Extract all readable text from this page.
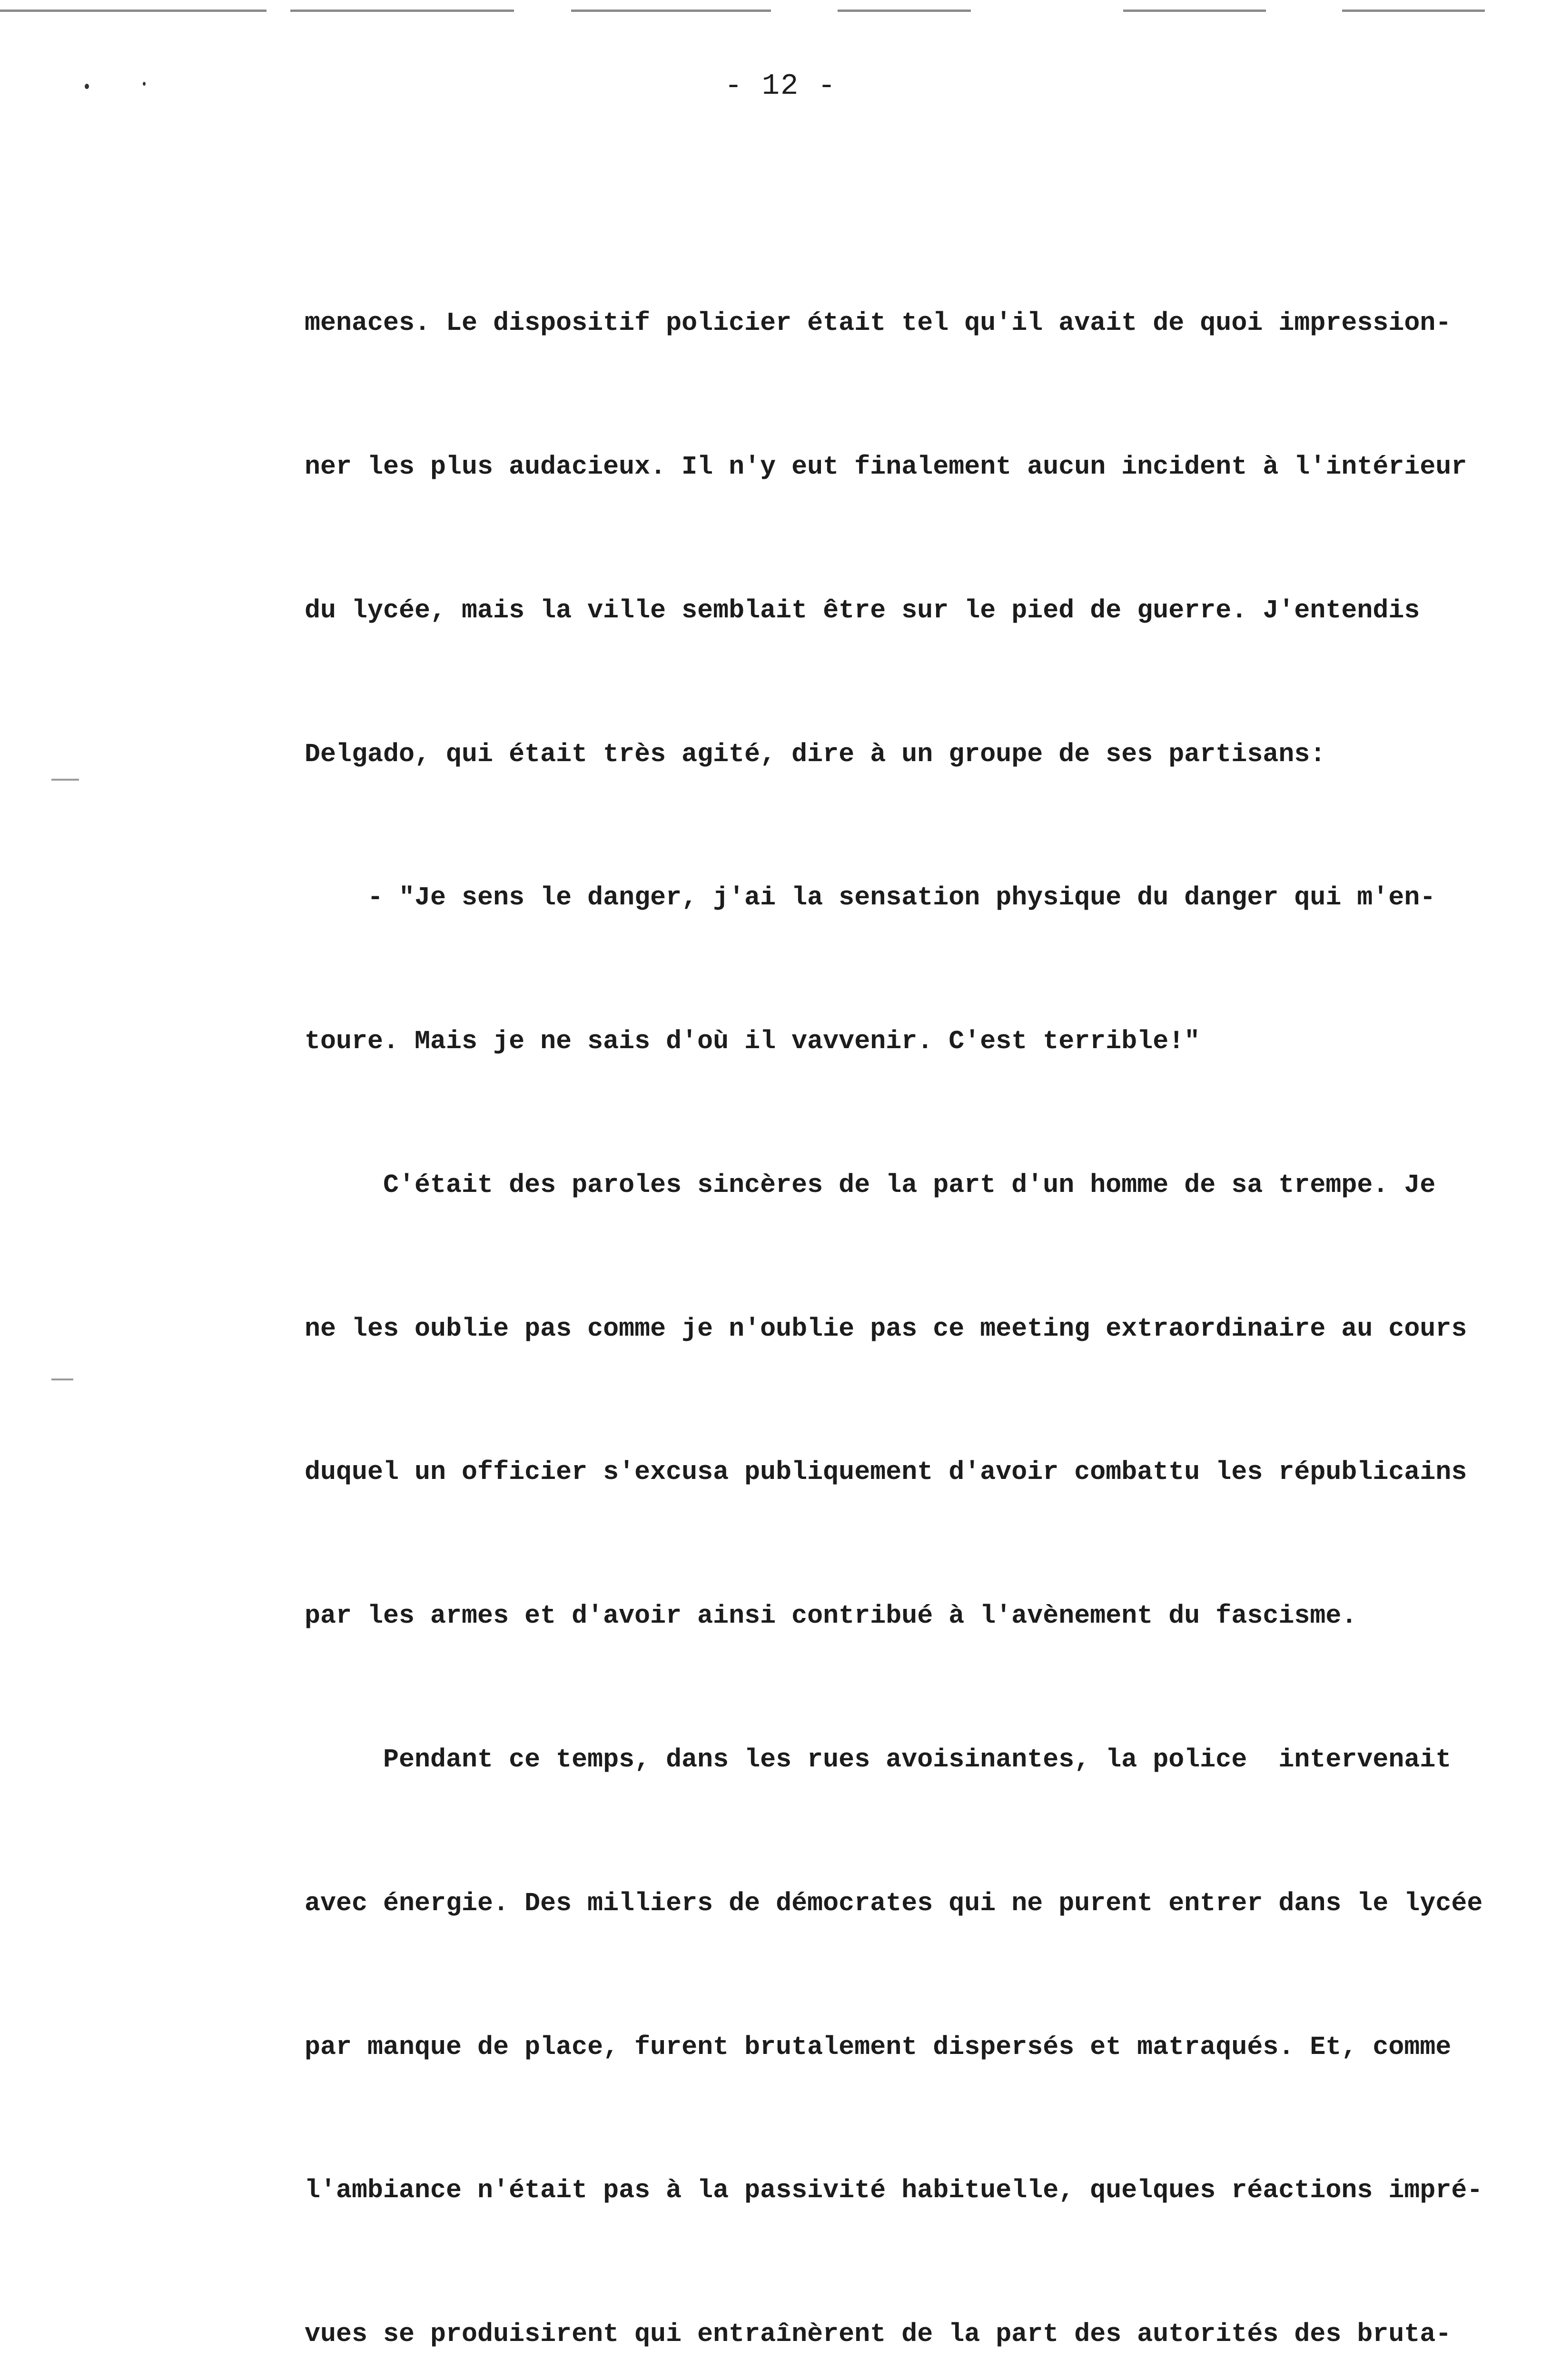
- 12 -

menaces. Le dispositif policier était tel qu'il avait de quoi impression-

ner les plus audacieux. Il n'y eut finalement aucun incident à l'intérieur

du lycée, mais la ville semblait être sur le pied de guerre. J'entendis

Delgado, qui était très agité, dire à un groupe de ses partisans:

- "Je sens le danger, j'ai la sensation physique du danger qui m'en-

toure. Mais je ne sais d'où il vavvenir. C'est terrible!"

C'était des paroles sincères de la part d'un homme de sa trempe. Je

ne les oublie pas comme je n'oublie pas ce meeting extraordinaire au cours

duquel un officier s'excusa publiquement d'avoir combattu les républicains

par les armes et d'avoir ainsi contribué à l'avènement du fascisme.

Pendant ce temps, dans les rues avoisinantes, la police  intervenait

avec énergie. Des milliers de démocrates qui ne purent entrer dans le lycée

par manque de place, furent brutalement dispersés et matraqués. Et, comme

l'ambiance n'était pas à la passivité habituelle, quelques réactions impré-

vues se produisirent qui entraînèrent de la part des autorités des bruta-
